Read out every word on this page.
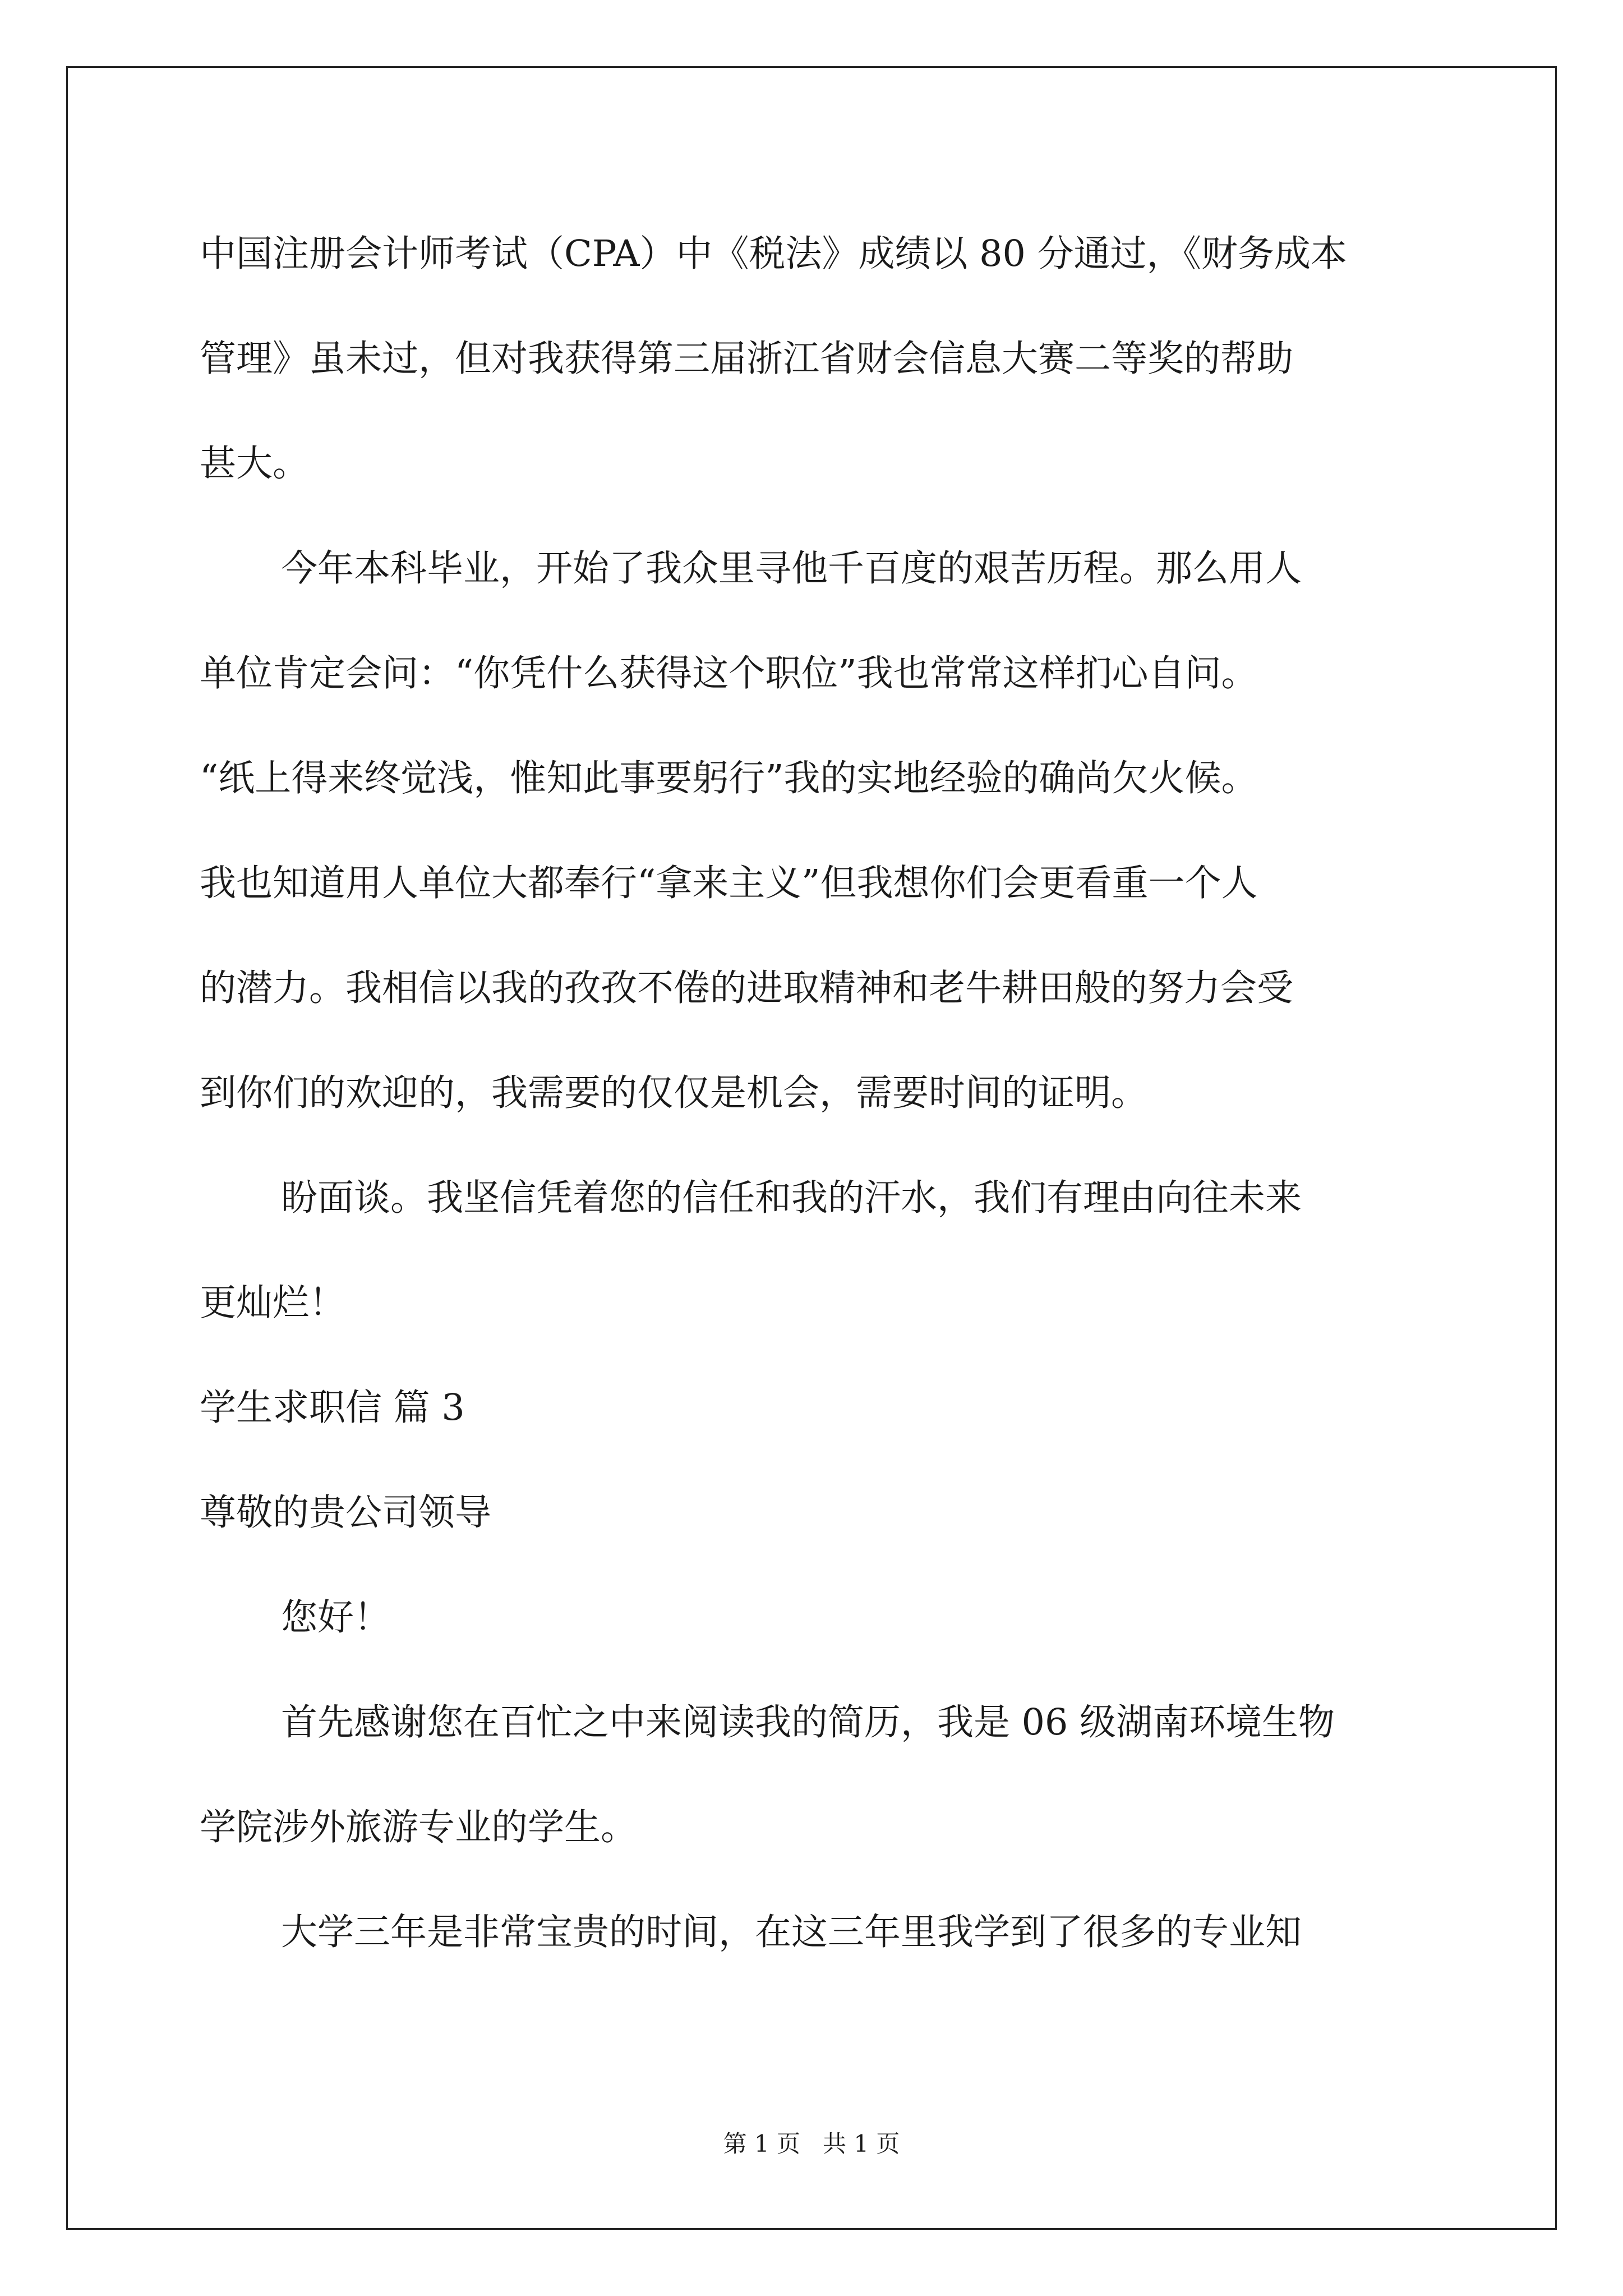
中国注册会计师考试（CPA）中《税法》成绩以 80 分通过，《财务成本
管理》虽未过，但对我获得第三届浙江省财会信息大赛二等奖的帮助
甚大。
今年本科毕业，开始了我众里寻他千百度的艰苦历程。那么用人
单位肯定会问：“你凭什么获得这个职位”我也常常这样扪心自问。
“纸上得来终觉浅，惟知此事要躬行”我的实地经验的确尚欠火候。
我也知道用人单位大都奉行“拿来主义”但我想你们会更看重一个人
的潜力。我相信以我的孜孜不倦的进取精神和老牛耕田般的努力会受
到你们的欢迎的，我需要的仅仅是机会，需要时间的证明。
盼面谈。我坚信凭着您的信任和我的汗水，我们有理由向往未来
更灿烂！
学生求职信 篇 3
尊敬的贵公司领导
您好！
首先感谢您在百忙之中来阅读我的简历，我是 06 级湖南环境生物
学院涉外旅游专业的学生。
大学三年是非常宝贵的时间，在这三年里我学到了很多的专业知
第 1 页 共 1 页
